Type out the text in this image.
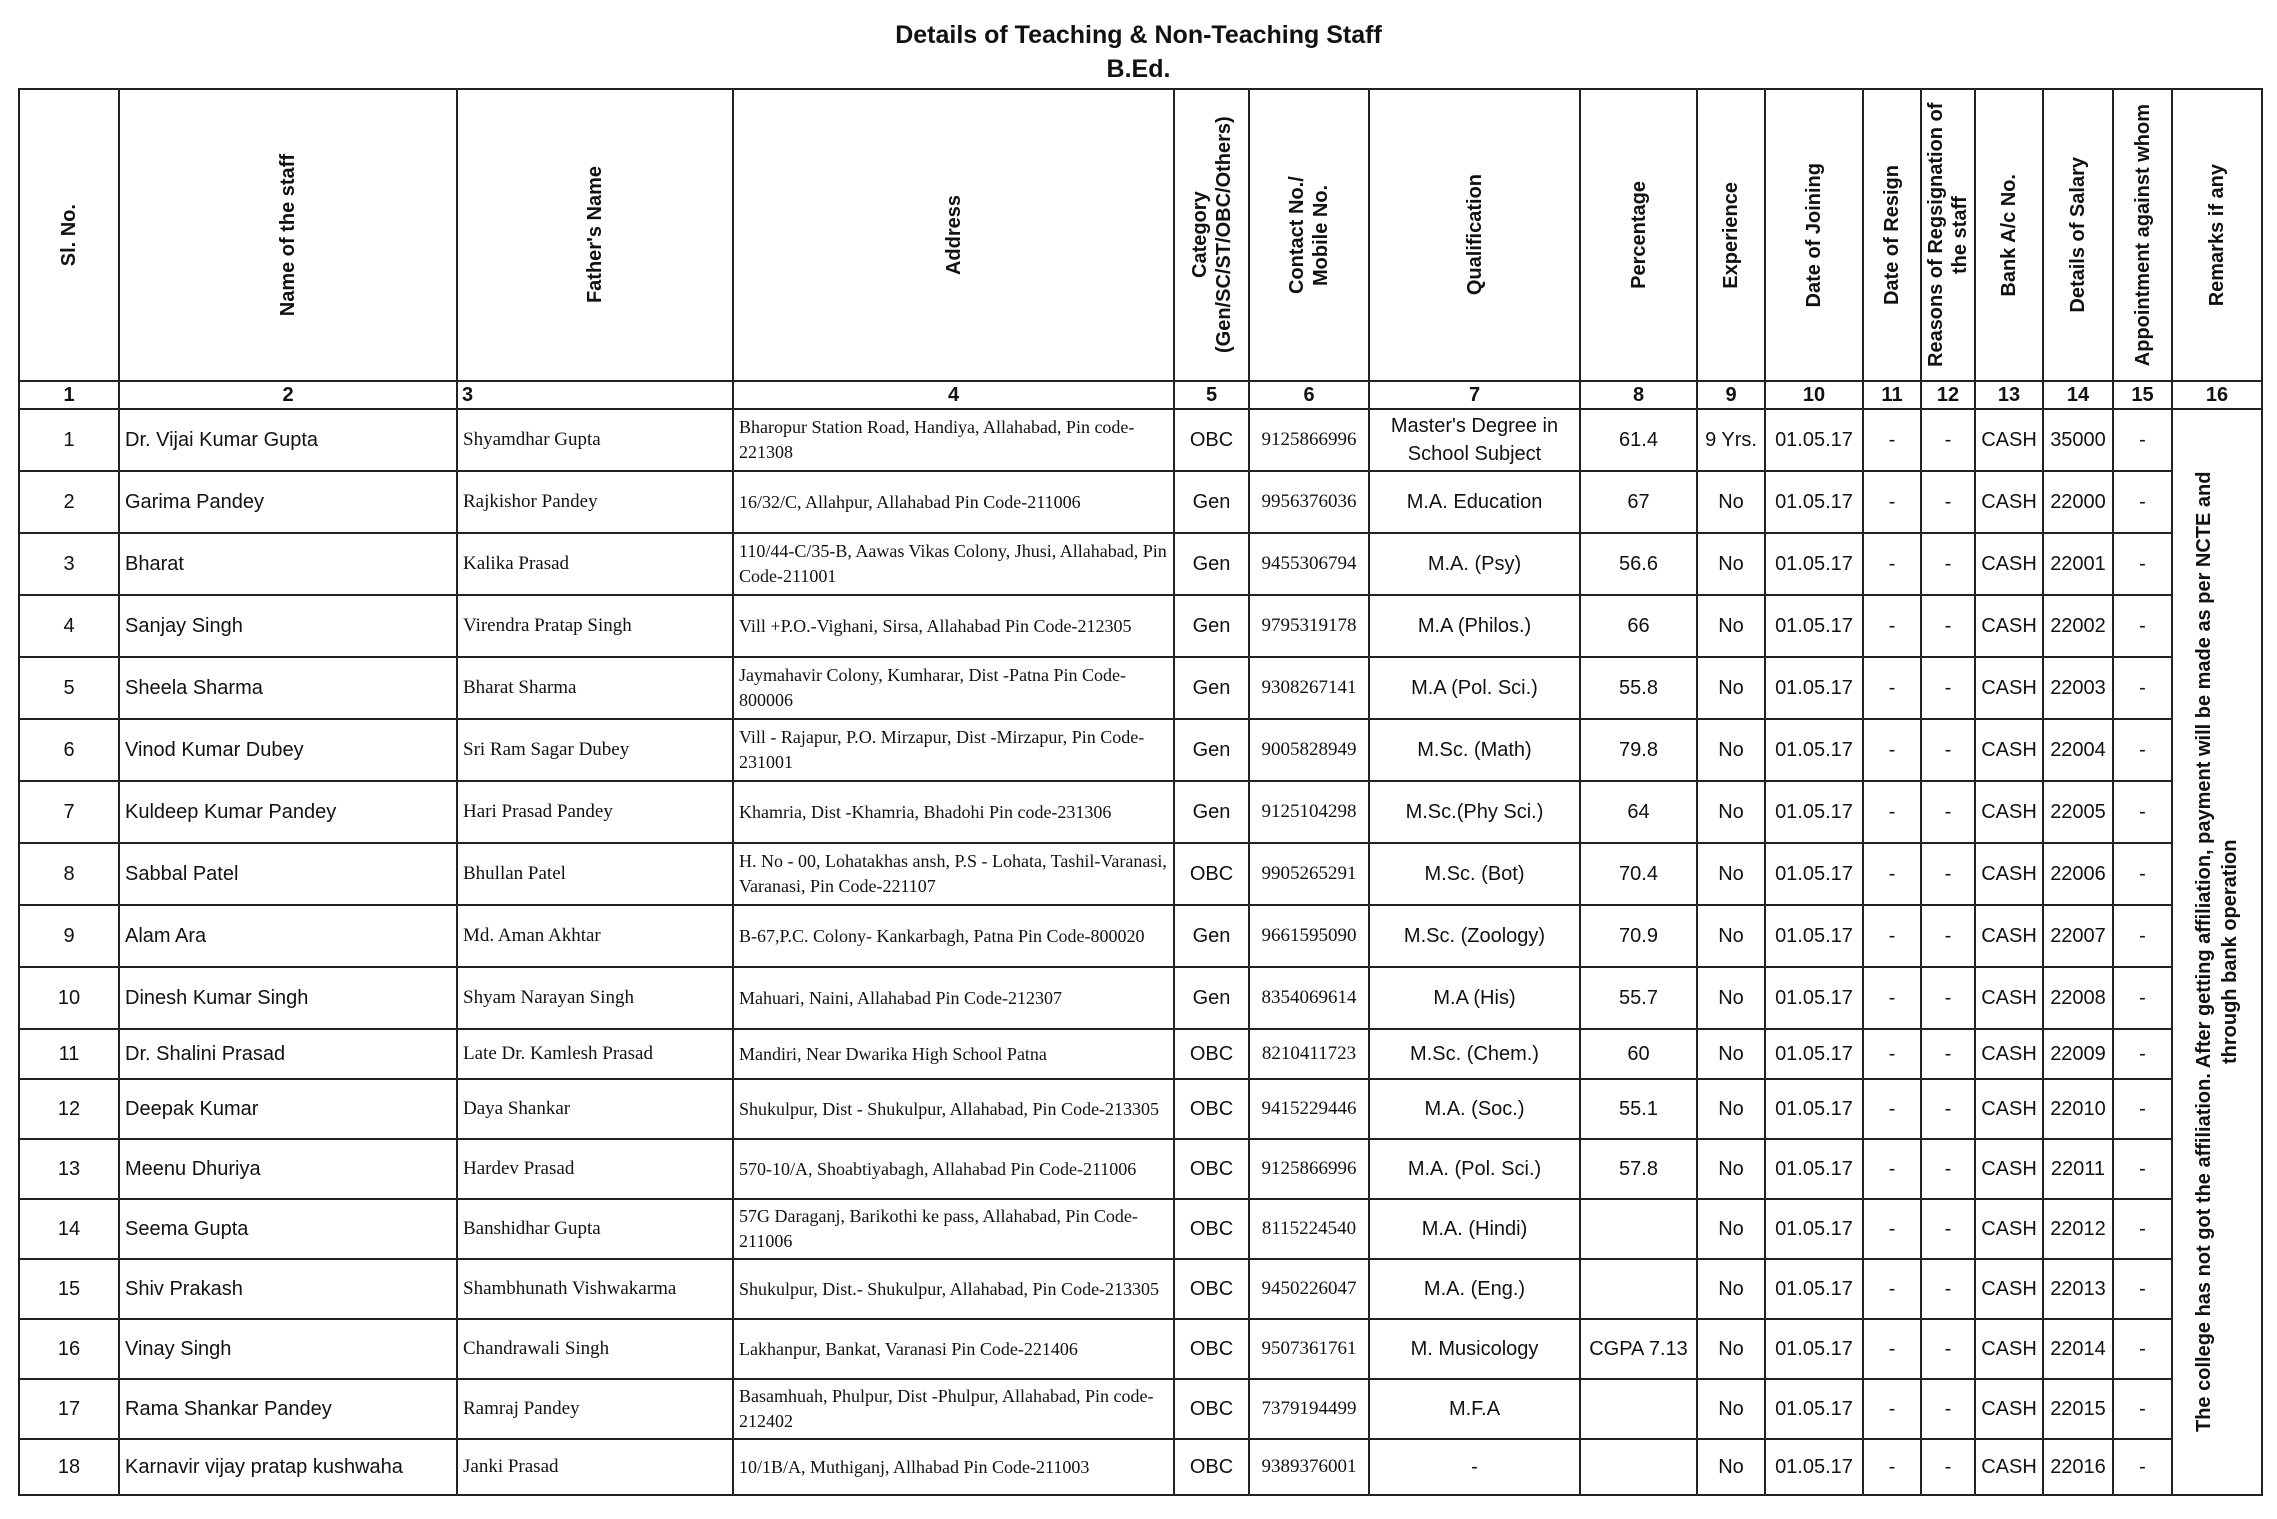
Details of Teaching & Non-Teaching Staff
B.Ed.
Sl. No.	Name of the staff	Father's Name	Address	Category (Gen/SC/ST/OBC/Others)	Contact No./ Mobile No.	Qualification	Percentage	Experience	Date of Joining	Date of Resign	Reasons of Regsignation of the staff	Bank A/c No.	Details of Salary	Appointment against whom	Remarks if any

1	2	3	4	5	6	7	8	9	10	11	12	13	14	15	16
1	Dr. Vijai Kumar Gupta	Shyamdhar Gupta	Bharopur Station Road, Handiya, Allahabad, Pin code-221308	OBC	9125866996	Master's Degree in School Subject	61.4	9 Yrs.	01.05.17	-	-	CASH	35000	-	The college has not got the affiliation. After getting affiliation, payment will be made as per NCTE and through bank operation

2	Garima Pandey	Rajkishor Pandey	16/32/C, Allahpur, Allahabad Pin Code-211006	Gen	9956376036	M.A. Education	67	No	01.05.17	-	-	CASH	22000	-	
3	Bharat	Kalika Prasad	110/44-C/35-B, Aawas Vikas Colony, Jhusi, Allahabad, Pin Code-211001	Gen	9455306794	M.A. (Psy)	56.6	No	01.05.17	-	-	CASH	22001	-	
4	Sanjay Singh	Virendra Pratap Singh	Vill +P.O.-Vighani, Sirsa, Allahabad Pin Code-212305	Gen	9795319178	M.A (Philos.)	66	No	01.05.17	-	-	CASH	22002	-	
5	Sheela Sharma	Bharat Sharma	Jaymahavir Colony, Kumharar, Dist -Patna Pin Code-800006	Gen	9308267141	M.A (Pol. Sci.)	55.8	No	01.05.17	-	-	CASH	22003	-	
6	Vinod Kumar Dubey	Sri Ram Sagar Dubey	Vill - Rajapur, P.O. Mirzapur, Dist -Mirzapur, Pin Code-231001	Gen	9005828949	M.Sc. (Math)	79.8	No	01.05.17	-	-	CASH	22004	-	
7	Kuldeep Kumar Pandey	Hari Prasad Pandey	Khamria, Dist -Khamria, Bhadohi Pin code-231306	Gen	9125104298	M.Sc.(Phy Sci.)	64	No	01.05.17	-	-	CASH	22005	-	
8	Sabbal Patel	Bhullan Patel	H. No - 00, Lohatakhas ansh, P.S - Lohata, Tashil-Varanasi, Varanasi, Pin Code-221107	OBC	9905265291	M.Sc. (Bot)	70.4	No	01.05.17	-	-	CASH	22006	-	
9	Alam Ara	Md. Aman Akhtar	B-67,P.C. Colony- Kankarbagh, Patna Pin Code-800020	Gen	9661595090	M.Sc. (Zoology)	70.9	No	01.05.17	-	-	CASH	22007	-	
10	Dinesh Kumar Singh	Shyam Narayan Singh	Mahuari, Naini, Allahabad Pin Code-212307	Gen	8354069614	M.A (His)	55.7	No	01.05.17	-	-	CASH	22008	-	
11	Dr. Shalini Prasad	Late Dr. Kamlesh Prasad	Mandiri, Near Dwarika High School Patna	OBC	8210411723	M.Sc. (Chem.)	60	No	01.05.17	-	-	CASH	22009	-	
12	Deepak Kumar	Daya Shankar	Shukulpur, Dist - Shukulpur, Allahabad, Pin Code-213305	OBC	9415229446	M.A. (Soc.)	55.1	No	01.05.17	-	-	CASH	22010	-	
13	Meenu Dhuriya	Hardev Prasad	570-10/A, Shoabtiyabagh, Allahabad Pin Code-211006	OBC	9125866996	M.A. (Pol. Sci.)	57.8	No	01.05.17	-	-	CASH	22011	-	
14	Seema Gupta	Banshidhar Gupta	57G Daraganj, Barikothi ke pass, Allahabad, Pin Code-211006	OBC	8115224540	M.A. (Hindi)		No	01.05.17	-	-	CASH	22012	-	
15	Shiv Prakash	Shambhunath Vishwakarma	Shukulpur, Dist.- Shukulpur, Allahabad, Pin Code-213305	OBC	9450226047	M.A. (Eng.)		No	01.05.17	-	-	CASH	22013	-	
16	Vinay Singh	Chandrawali Singh	Lakhanpur, Bankat, Varanasi Pin Code-221406	OBC	9507361761	M. Musicology	CGPA 7.13	No	01.05.17	-	-	CASH	22014	-	
17	Rama Shankar Pandey	Ramraj Pandey	Basamhuah, Phulpur, Dist -Phulpur, Allahabad, Pin code-212402	OBC	7379194499	M.F.A		No	01.05.17	-	-	CASH	22015	-	
18	Karnavir vijay pratap kushwaha	Janki Prasad	10/1B/A, Muthiganj, Allhabad Pin Code-211003	OBC	9389376001	-		No	01.05.17	-	-	CASH	22016	-	
